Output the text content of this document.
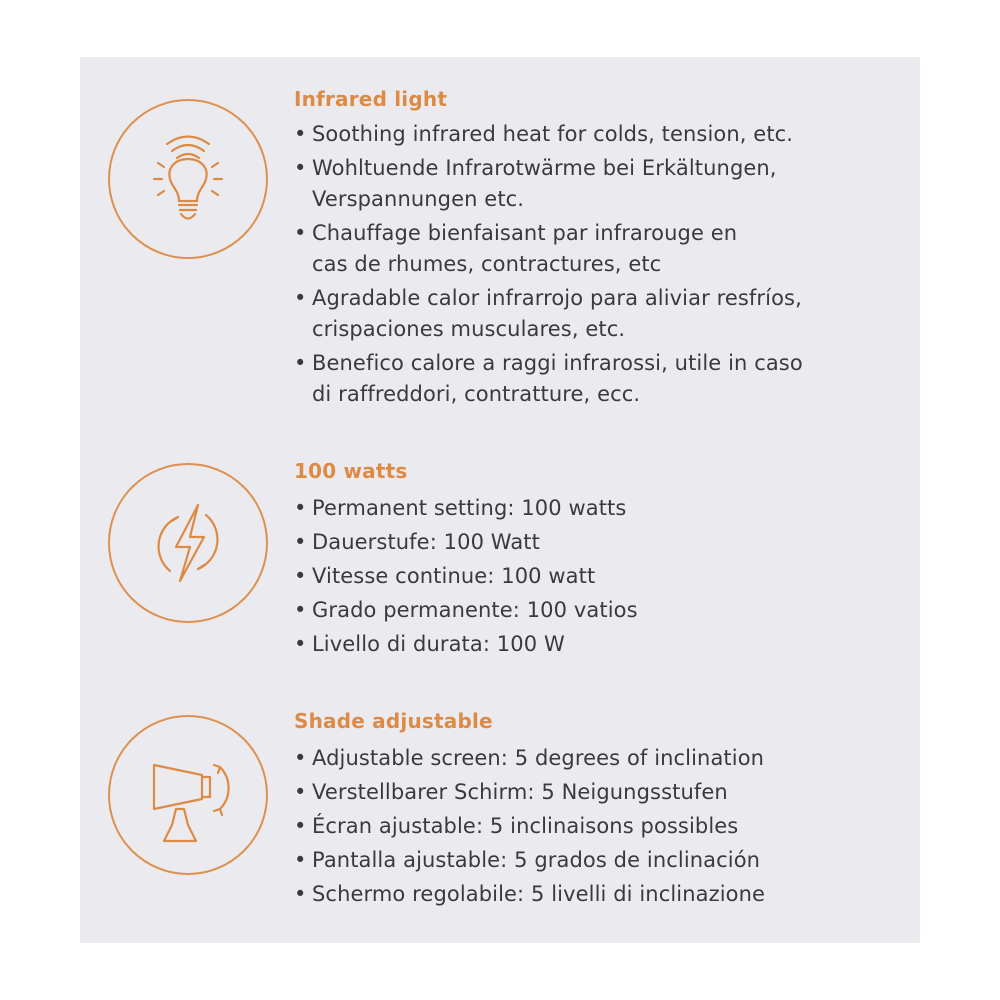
Infrared light
• Soothing infrared heat for colds, tension, etc.
• Wohltuende Infrarotwärme bei Erkältungen,
Verspannungen etc.
• Chauffage bienfaisant par infrarouge en
cas de rhumes, contractures, etc
• Agradable calor infrarrojo para aliviar resfríos,
crispaciones musculares, etc.
• Benefico calore a raggi infrarossi, utile in caso
di raffreddori, contratture, ecc.
100 watts
• Permanent setting: 100 watts
• Dauerstufe: 100 Watt
• Vitesse continue: 100 watt
• Grado permanente: 100 vatios
• Livello di durata: 100 W
Shade adjustable
• Adjustable screen: 5 degrees of inclination
• Verstellbarer Schirm: 5 Neigungsstufen
• Écran ajustable: 5 inclinaisons possibles
• Pantalla ajustable: 5 grados de inclinación
• Schermo regolabile: 5 livelli di inclinazione
